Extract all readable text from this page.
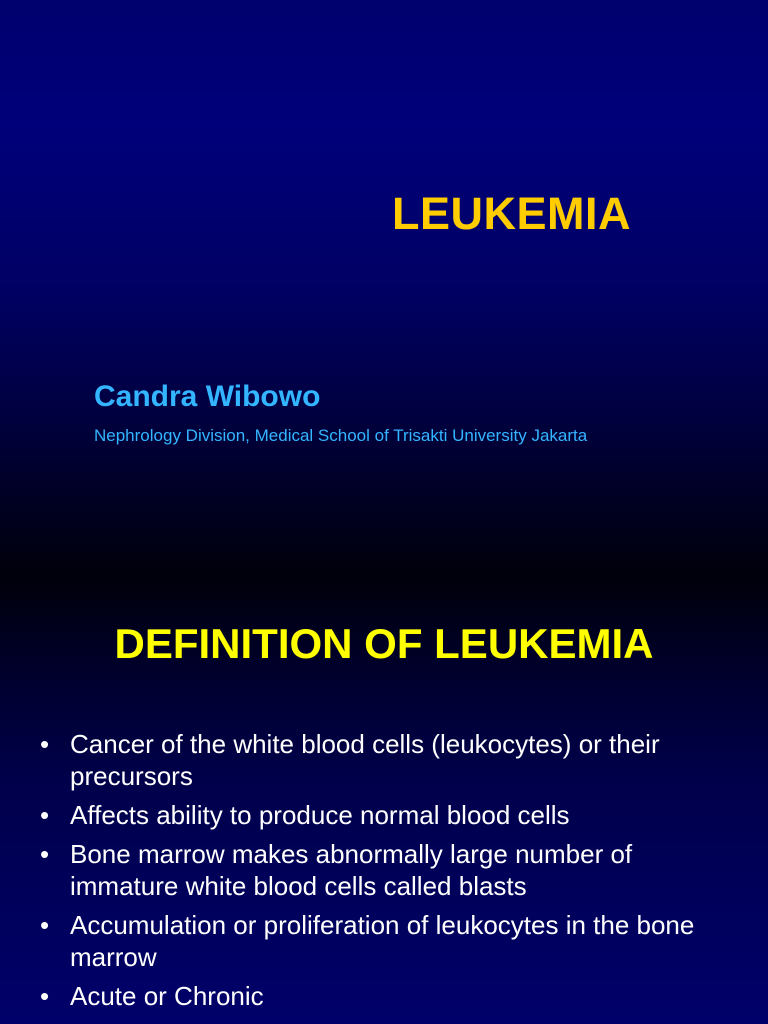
LEUKEMIA
Candra Wibowo
Nephrology Division, Medical School of Trisakti University Jakarta
DEFINITION OF LEUKEMIA
• Cancer of the white blood cells (leukocytes) or their precursors
• Affects ability to produce normal blood cells
• Bone marrow makes abnormally large number of immature white blood cells called blasts
• Accumulation or proliferation of leukocytes in the bone marrow
• Acute or Chronic
